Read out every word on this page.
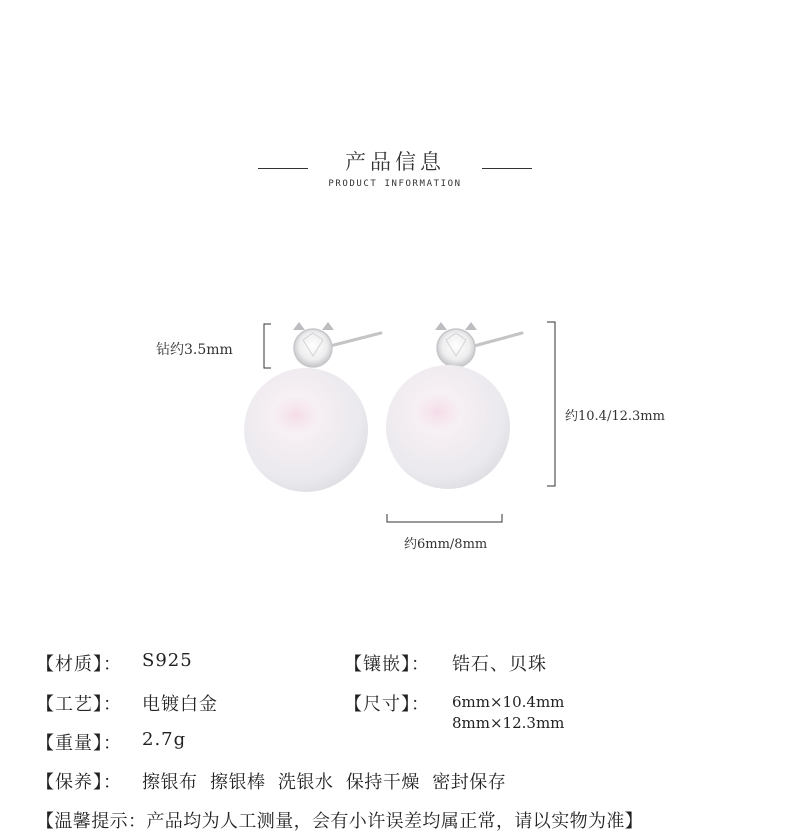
产品信息
PRODUCT INFORMATION
钻约3.5mm
约10.4/12.3mm
约6mm/8mm
【材质】： S925	【镶嵌】： 锆石、贝珠
【工艺】： 电镀白金	【尺寸】： 6mm×10.4mm
8mm×12.3mm
【重量】： 2.7g
【保养】： 擦银布  擦银棒  洗银水  保持干燥  密封保存
【温馨提示：产品均为人工测量，会有小许误差均属正常，请以实物为准】
